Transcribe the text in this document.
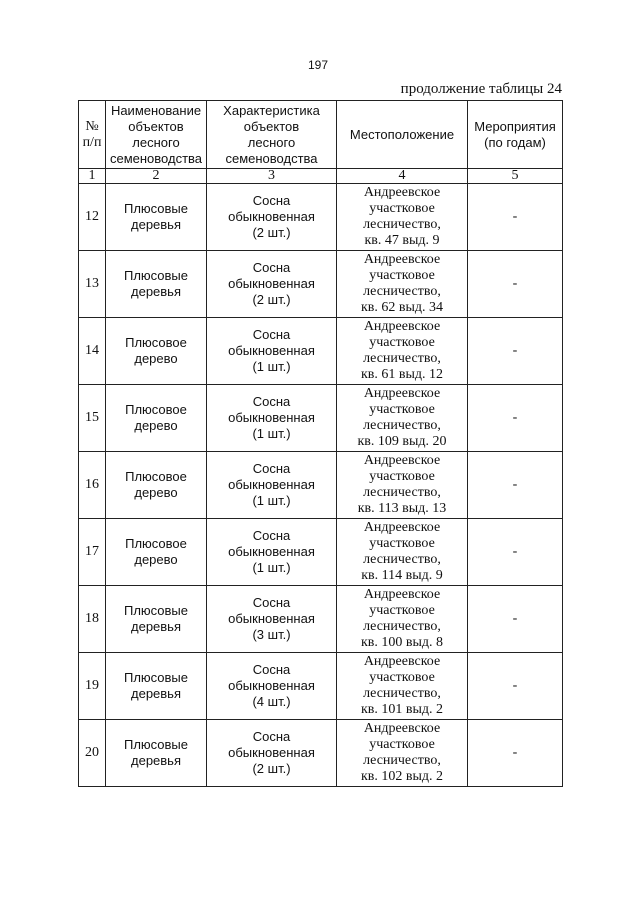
197
продолжение таблицы 24
№
п/п	Наименование
объектов
лесного
семеноводства	Характеристика
объектов
лесного
семеноводства	Местоположение	Мероприятия
(по годам)

1	2	3	4	5
12	Плюсовые
деревья	Сосна
обыкновенная
(2 шт.)	Андреевское
участковое
лесничество,
кв. 47 выд. 9	-
13	Плюсовые
деревья	Сосна
обыкновенная
(2 шт.)	Андреевское
участковое
лесничество,
кв. 62 выд. 34	-
14	Плюсовое
дерево	Сосна
обыкновенная
(1 шт.)	Андреевское
участковое
лесничество,
кв. 61 выд. 12	-
15	Плюсовое
дерево	Сосна
обыкновенная
(1 шт.)	Андреевское
участковое
лесничество,
кв. 109 выд. 20	-
16	Плюсовое
дерево	Сосна
обыкновенная
(1 шт.)	Андреевское
участковое
лесничество,
кв. 113 выд. 13	-
17	Плюсовое
дерево	Сосна
обыкновенная
(1 шт.)	Андреевское
участковое
лесничество,
кв. 114 выд. 9	-
18	Плюсовые
деревья	Сосна
обыкновенная
(3 шт.)	Андреевское
участковое
лесничество,
кв. 100 выд. 8	-
19	Плюсовые
деревья	Сосна
обыкновенная
(4 шт.)	Андреевское
участковое
лесничество,
кв. 101 выд. 2	-
20	Плюсовые
деревья	Сосна
обыкновенная
(2 шт.)	Андреевское
участковое
лесничество,
кв. 102 выд. 2	-
